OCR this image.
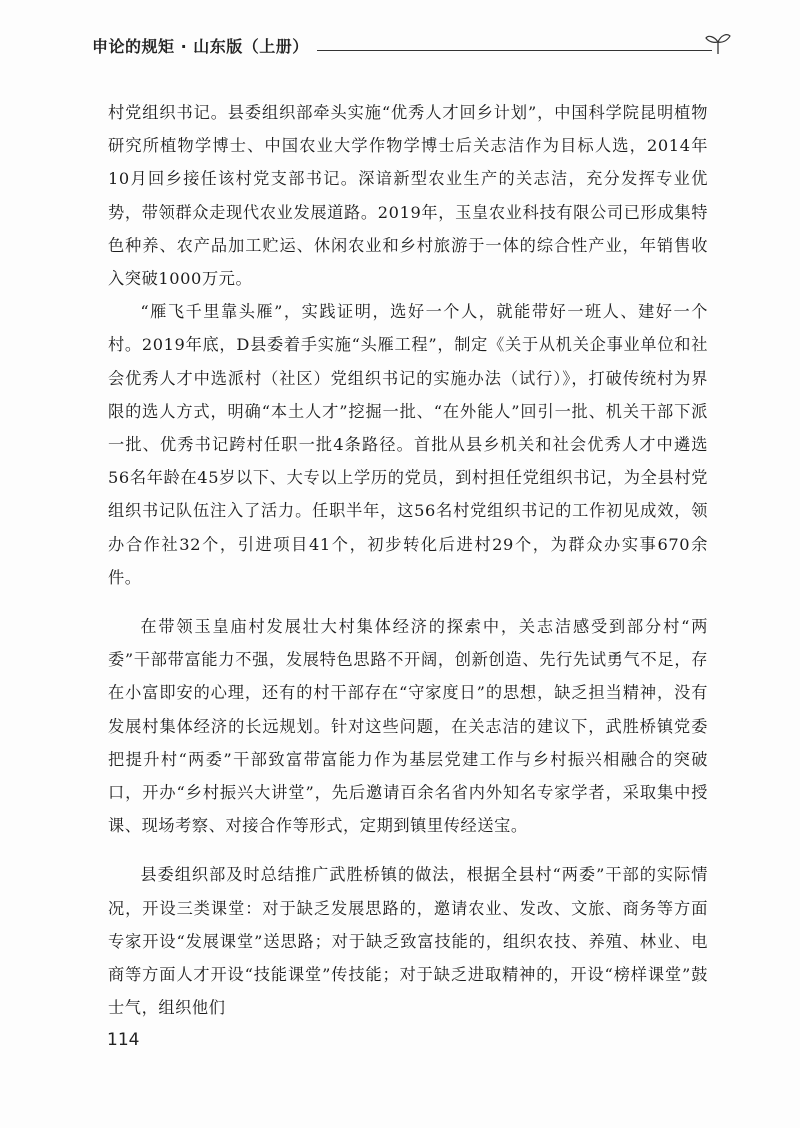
申论的规矩 · 山东版（上册）

村党组织书记。县委组织部牵头实施“优秀人才回乡计划”，中国科学院昆明植物研究所植物学博士、中国农业大学作物学博士后关志洁作为目标人选，2014年10月回乡接任该村党支部书记。深谙新型农业生产的关志洁，充分发挥专业优势，带领群众走现代农业发展道路。2019年，玉皇农业科技有限公司已形成集特色种养、农产品加工贮运、休闲农业和乡村旅游于一体的综合性产业，年销售收入突破1000万元。

“雁飞千里靠头雁”，实践证明，选好一个人，就能带好一班人、建好一个村。2019年底，D县委着手实施“头雁工程”，制定《关于从机关企事业单位和社会优秀人才中选派村（社区）党组织书记的实施办法（试行）》，打破传统村为界限的选人方式，明确“本土人才”挖掘一批、“在外能人”回引一批、机关干部下派一批、优秀书记跨村任职一批4条路径。首批从县乡机关和社会优秀人才中遴选56名年龄在45岁以下、大专以上学历的党员，到村担任党组织书记，为全县村党组织书记队伍注入了活力。任职半年，这56名村党组织书记的工作初见成效，领办合作社32个，引进项目41个，初步转化后进村29个，为群众办实事670余件。

在带领玉皇庙村发展壮大村集体经济的探索中，关志洁感受到部分村“两委”干部带富能力不强，发展特色思路不开阔，创新创造、先行先试勇气不足，存在小富即安的心理，还有的村干部存在“守家度日”的思想，缺乏担当精神，没有发展村集体经济的长远规划。针对这些问题，在关志洁的建议下，武胜桥镇党委把提升村“两委”干部致富带富能力作为基层党建工作与乡村振兴相融合的突破口，开办“乡村振兴大讲堂”，先后邀请百余名省内外知名专家学者，采取集中授课、现场考察、对接合作等形式，定期到镇里传经送宝。

县委组织部及时总结推广武胜桥镇的做法，根据全县村“两委”干部的实际情况，开设三类课堂：对于缺乏发展思路的，邀请农业、发改、文旅、商务等方面专家开设“发展课堂”送思路；对于缺乏致富技能的，组织农技、养殖、林业、电商等方面人才开设“技能课堂”传技能；对于缺乏进取精神的，开设“榜样课堂”鼓士气，组织他们

114
